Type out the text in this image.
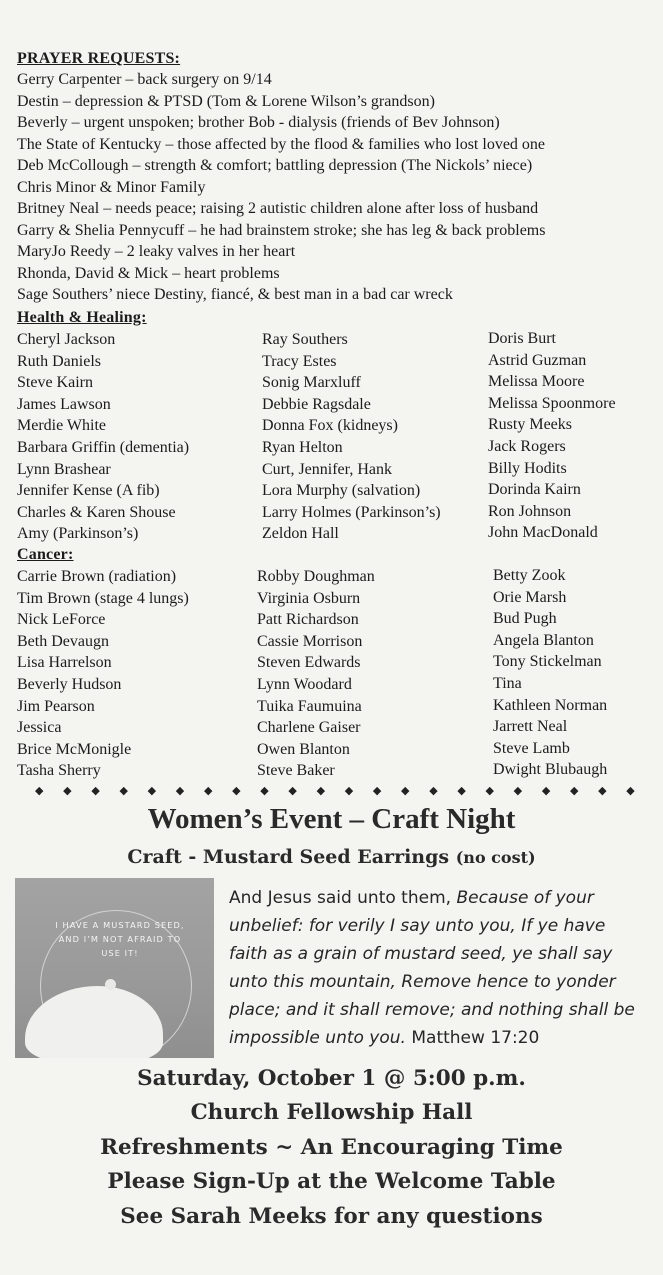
PRAYER REQUESTS:
Gerry Carpenter – back surgery on 9/14
Destin – depression & PTSD (Tom & Lorene Wilson’s grandson)
Beverly – urgent unspoken; brother Bob - dialysis (friends of Bev Johnson)
The State of Kentucky – those affected by the flood & families who lost loved one
Deb McCollough – strength & comfort; battling depression (The Nickols’ niece)
Chris Minor & Minor Family
Britney Neal – needs peace; raising 2 autistic children alone after loss of husband
Garry & Shelia Pennycuff – he had brainstem stroke; she has leg & back problems
MaryJo Reedy – 2 leaky valves in her heart
Rhonda, David & Mick – heart problems
Sage Southers’ niece Destiny, fiancé, & best man in a bad car wreck
Health & Healing:
Cheryl Jackson
Ruth Daniels
Steve Kairn
James Lawson
Merdie White
Barbara Griffin (dementia)
Lynn Brashear
Jennifer Kense (A fib)
Charles & Karen Shouse
Amy (Parkinson’s)
Ray Southers
Tracy Estes
Sonig Marxluff
Debbie Ragsdale
Donna Fox (kidneys)
Ryan Helton
Curt, Jennifer, Hank
Lora Murphy (salvation)
Larry Holmes (Parkinson’s)
Zeldon Hall
Doris Burt
Astrid Guzman
Melissa Moore
Melissa Spoonmore
Rusty Meeks
Jack Rogers
Billy Hodits
Dorinda Kairn
Ron Johnson
John MacDonald
Cancer:
Carrie Brown (radiation)
Tim Brown (stage 4 lungs)
Nick LeForce
Beth Devaugn
Lisa Harrelson
Beverly Hudson
Jim Pearson
Jessica
Brice McMonigle
Tasha Sherry
Robby Doughman
Virginia Osburn
Patt Richardson
Cassie Morrison
Steven Edwards
Lynn Woodard
Tuika Faumuina
Charlene Gaiser
Owen Blanton
Steve Baker
Betty Zook
Orie Marsh
Bud Pugh
Angela Blanton
Tony Stickelman
Tina
Kathleen Norman
Jarrett Neal
Steve Lamb
Dwight Blubaugh
◆ ◆ ◆ ◆ ◆ ◆ ◆ ◆ ◆ ◆ ◆ ◆ ◆ ◆ ◆ ◆ ◆ ◆ ◆ ◆ ◆ ◆
Women’s Event – Craft Night
Craft - Mustard Seed Earrings (no cost)
I HAVE A MUSTARD SEED, AND I’M NOT AFRAID TO USE IT!
And Jesus said unto them, Because of your unbelief: for verily I say unto you, If ye have faith as a grain of mustard seed, ye shall say unto this mountain, Remove hence to yonder place; and it shall remove; and nothing shall be impossible unto you. Matthew 17:20
Saturday, October 1 @ 5:00 p.m.
Church Fellowship Hall
Refreshments ~ An Encouraging Time
Please Sign-Up at the Welcome Table
See Sarah Meeks for any questions
